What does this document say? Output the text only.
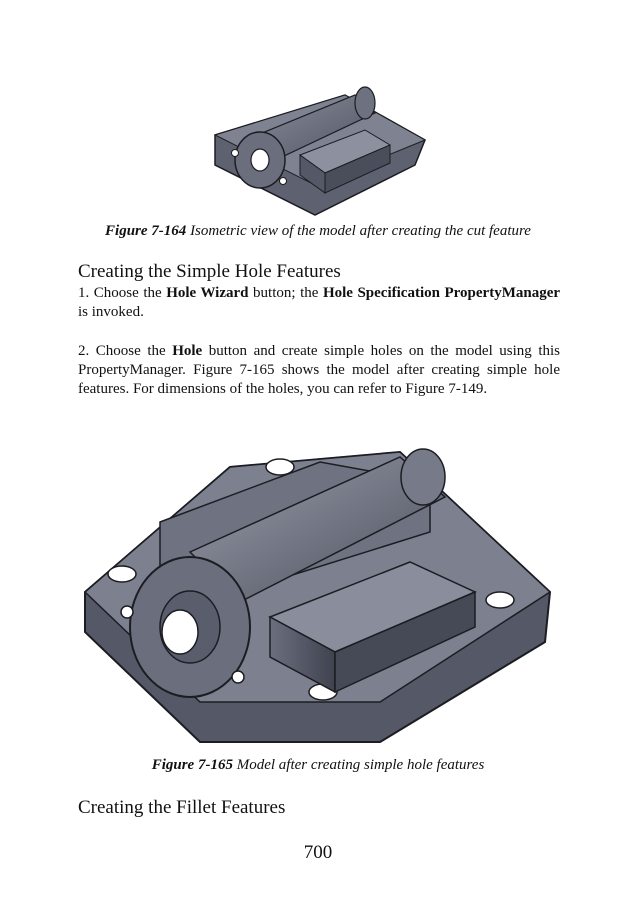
Figure 7-164 Isometric view of the model after creating the cut feature
Creating the Simple Hole Features

1. Choose the Hole Wizard button; the Hole Specification PropertyManager is invoked.

2. Choose the Hole button and create simple holes on the model using this PropertyManager. Figure 7-165 shows the model after creating simple hole features. For dimensions of the holes, you can refer to Figure 7-149.

Figure 7-165 Model after creating simple hole features
Creating the Fillet Features
700
